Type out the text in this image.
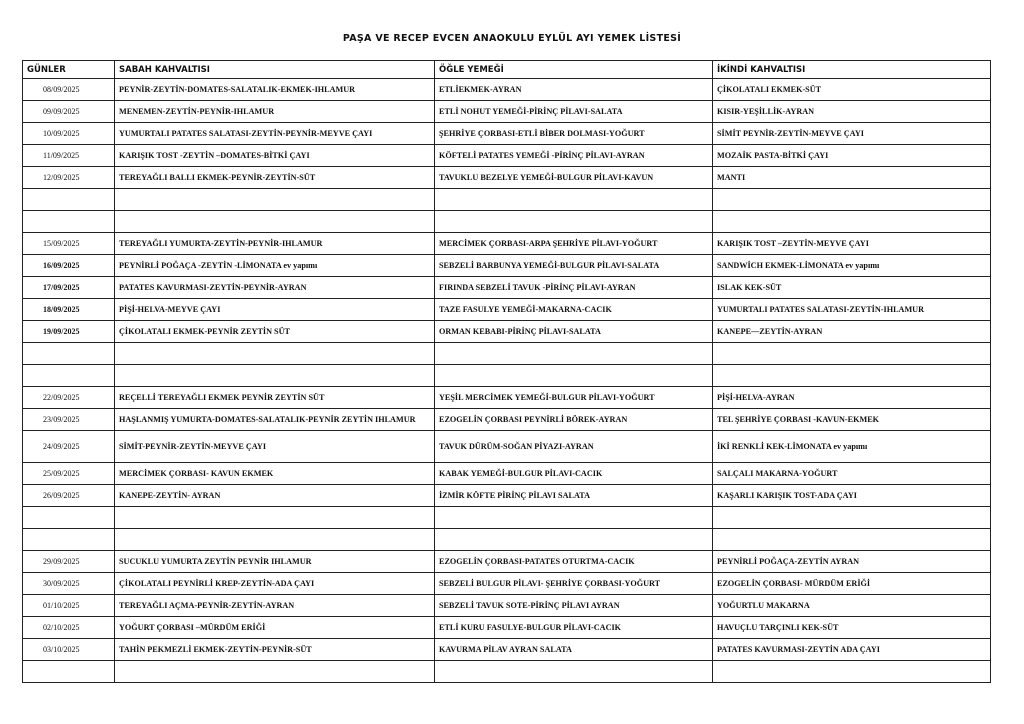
PAŞA VE RECEP EVCEN ANAOKULU EYLÜL AYI YEMEK LİSTESİ
GÜNLER	SABAH KAHVALTISI	ÖĞLE YEMEĞİ	İKİNDİ KAHVALTISI
08/09/2025	PEYNİR-ZEYTİN-DOMATES-SALATALIK-EKMEK-IHLAMUR	ETLİEKMEK-AYRAN	ÇİKOLATALI EKMEK-SÜT
09/09/2025	MENEMEN-ZEYTİN-PEYNİR-IHLAMUR	ETLİ NOHUT YEMEĞİ-PİRİNÇ PİLAVI-SALATA	KISIR-YEŞİLLİK-AYRAN
10/09/2025	YUMURTALI PATATES SALATASI-ZEYTİN-PEYNİR-MEYVE ÇAYI	ŞEHRİYE ÇORBASI-ETLİ BİBER DOLMASI-YOĞURT	SİMİT PEYNİR-ZEYTİN-MEYVE ÇAYI
11/09/2025	KARIŞIK TOST -ZEYTİN –DOMATES-BİTKİ ÇAYI	KÖFTELİ PATATES YEMEĞİ -PİRİNÇ PİLAVI-AYRAN	MOZAİK PASTA-BİTKİ ÇAYI
12/09/2025	TEREYAĞLI BALLI EKMEK-PEYNİR-ZEYTİN-SÜT	TAVUKLU BEZELYE YEMEĞİ-BULGUR PİLAVI-KAVUN	MANTI

15/09/2025	TEREYAĞLI YUMURTA-ZEYTİN-PEYNİR-IHLAMUR	MERCİMEK ÇORBASI-ARPA ŞEHRİYE PİLAVI-YOĞURT	KARIŞIK TOST –ZEYTİN-MEYVE ÇAYI
16/09/2025	PEYNİRLİ POĞAÇA -ZEYTİN -LİMONATA ev yapımı	SEBZELİ BARBUNYA YEMEĞİ-BULGUR PİLAVI-SALATA	SANDWİCH EKMEK-LİMONATA ev yapımı
17/09/2025	PATATES KAVURMASI-ZEYTİN-PEYNİR-AYRAN	FIRINDA SEBZELİ TAVUK -PİRİNÇ PİLAVI-AYRAN	ISLAK KEK-SÜT
18/09/2025	PİŞİ-HELVA-MEYVE ÇAYI	TAZE FASULYE YEMEĞİ-MAKARNA-CACIK	YUMURTALI PATATES SALATASI-ZEYTİN-IHLAMUR
19/09/2025	ÇİKOLATALI EKMEK-PEYNİR ZEYTİN SÜT	ORMAN KEBABI-PİRİNÇ PİLAVI-SALATA	KANEPE—ZEYTİN-AYRAN

22/09/2025	REÇELLİ TEREYAĞLI EKMEK PEYNİR ZEYTİN SÜT	YEŞİL MERCİMEK YEMEĞİ-BULGUR PİLAVI-YOĞURT	PİŞİ-HELVA-AYRAN
23/09/2025	HAŞLANMIŞ YUMURTA-DOMATES-SALATALIK-PEYNİR ZEYTİN IHLAMUR	EZOGELİN ÇORBASI PEYNİRLİ BÖREK-AYRAN	TEL ŞEHRİYE ÇORBASI -KAVUN-EKMEK
24/09/2025	SİMİT-PEYNİR-ZEYTİN-MEYVE ÇAYI	TAVUK DÜRÜM-SOĞAN PİYAZI-AYRAN	İKİ RENKLİ KEK-LİMONATA ev yapımı
25/09/2025	MERCİMEK ÇORBASI- KAVUN EKMEK	KABAK YEMEĞİ-BULGUR PİLAVI-CACIK	SALÇALI MAKARNA-YOĞURT
26/09/2025	KANEPE-ZEYTİN- AYRAN	İZMİR KÖFTE PİRİNÇ PİLAVI SALATA	KAŞARLI KARIŞIK TOST-ADA ÇAYI

29/09/2025	SUCUKLU YUMURTA ZEYTİN PEYNİR IHLAMUR	EZOGELİN ÇORBASI-PATATES OTURTMA-CACIK	PEYNİRLİ POĞAÇA-ZEYTİN AYRAN
30/09/2025	ÇİKOLATALI PEYNİRLİ KREP-ZEYTİN-ADA ÇAYI	SEBZELİ BULGUR PİLAVI- ŞEHRİYE ÇORBASI-YOĞURT	EZOGELİN ÇORBASI- MÜRDÜM ERİĞİ
01/10/2025	TEREYAĞLI AÇMA-PEYNİR-ZEYTİN-AYRAN	SEBZELİ TAVUK SOTE-PİRİNÇ PİLAVI AYRAN	YOĞURTLU MAKARNA
02/10/2025	YOĞURT ÇORBASI –MÜRDÜM ERİĞİ	ETLİ KURU FASULYE-BULGUR PİLAVI-CACIK	HAVUÇLU TARÇINLI KEK-SÜT
03/10/2025	TAHİN PEKMEZLİ EKMEK-ZEYTİN-PEYNİR-SÜT	KAVURMA PİLAV AYRAN SALATA	PATATES KAVURMASI-ZEYTİN ADA ÇAYI
